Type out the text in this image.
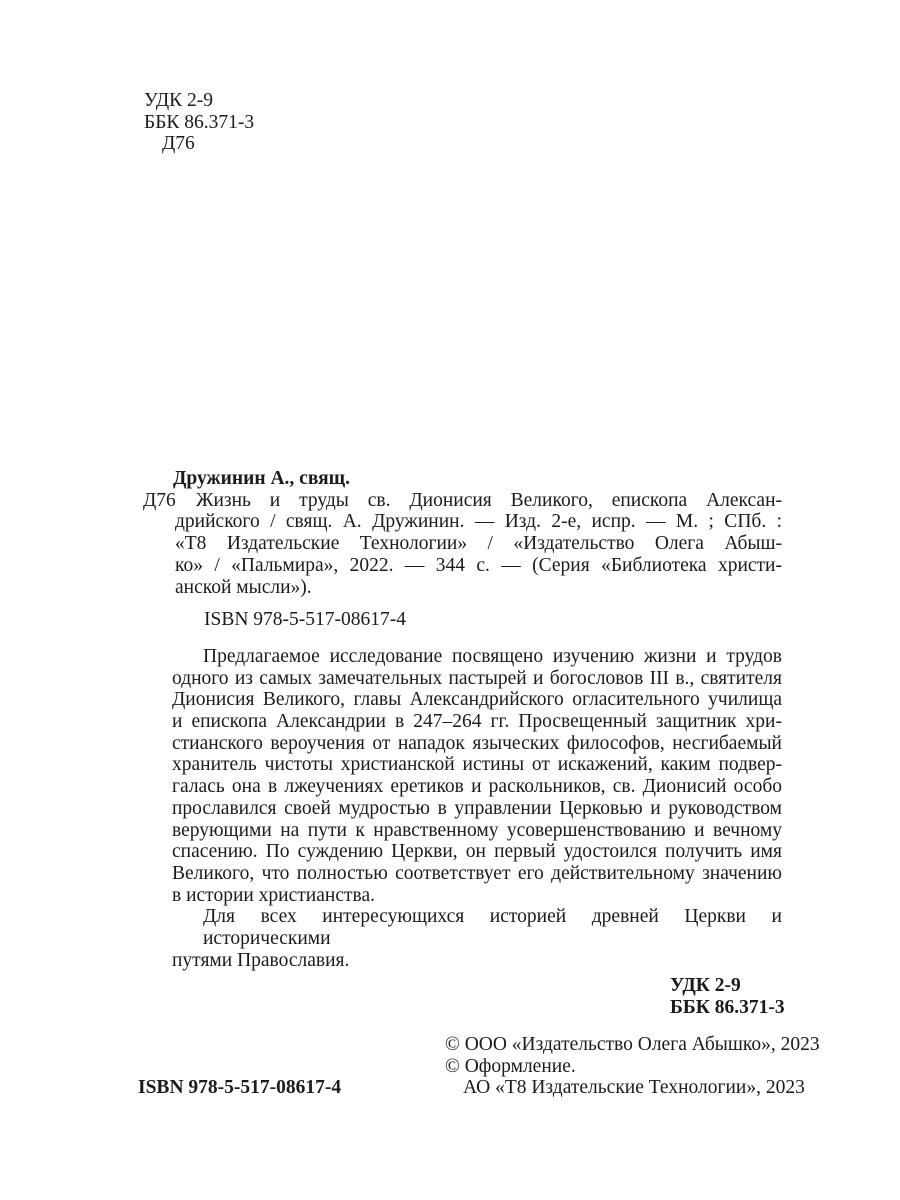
УДК 2-9
ББК 86.371-3
Д76
Дружинин А., свящ.
Д76	Жизнь и труды св. Дионисия Великого, епископа Алексан-
дрийского / свящ. А. Дружинин. — Изд. 2-е, испр. — М. ; СПб. :
«Т8 Издательские Технологии» / «Издательство Олега Абыш-
ко» / «Пальмира», 2022. — 344 с. — (Серия «Библиотека христи-
анской мысли»).
ISBN 978-5-517-08617-4
Предлагаемое исследование посвящено изучению жизни и трудов
одного из самых замечательных пастырей и богословов III в., святителя
Дионисия Великого, главы Александрийского огласительного училища
и епископа Александрии в 247–264 гг. Просвещенный защитник хри-
стианского вероучения от нападок языческих философов, несгибаемый
хранитель чистоты христианской истины от искажений, каким подвер-
галась она в лжеучениях еретиков и раскольников, св. Дионисий особо
прославился своей мудростью в управлении Церковью и руководством
верующими на пути к нравственному усовершенствованию и вечному
спасению. По суждению Церкви, он первый удостоился получить имя
Великого, что полностью соответствует его действительному значению
в истории христианства.
Для всех интересующихся историей древней Церкви и историческими
путями Православия.
УДК 2-9
ББК 86.371-3
© ООО «Издательство Олега Абышко», 2023
© Оформление.
АО «Т8 Издательские Технологии», 2023
ISBN 978-5-517-08617-4
